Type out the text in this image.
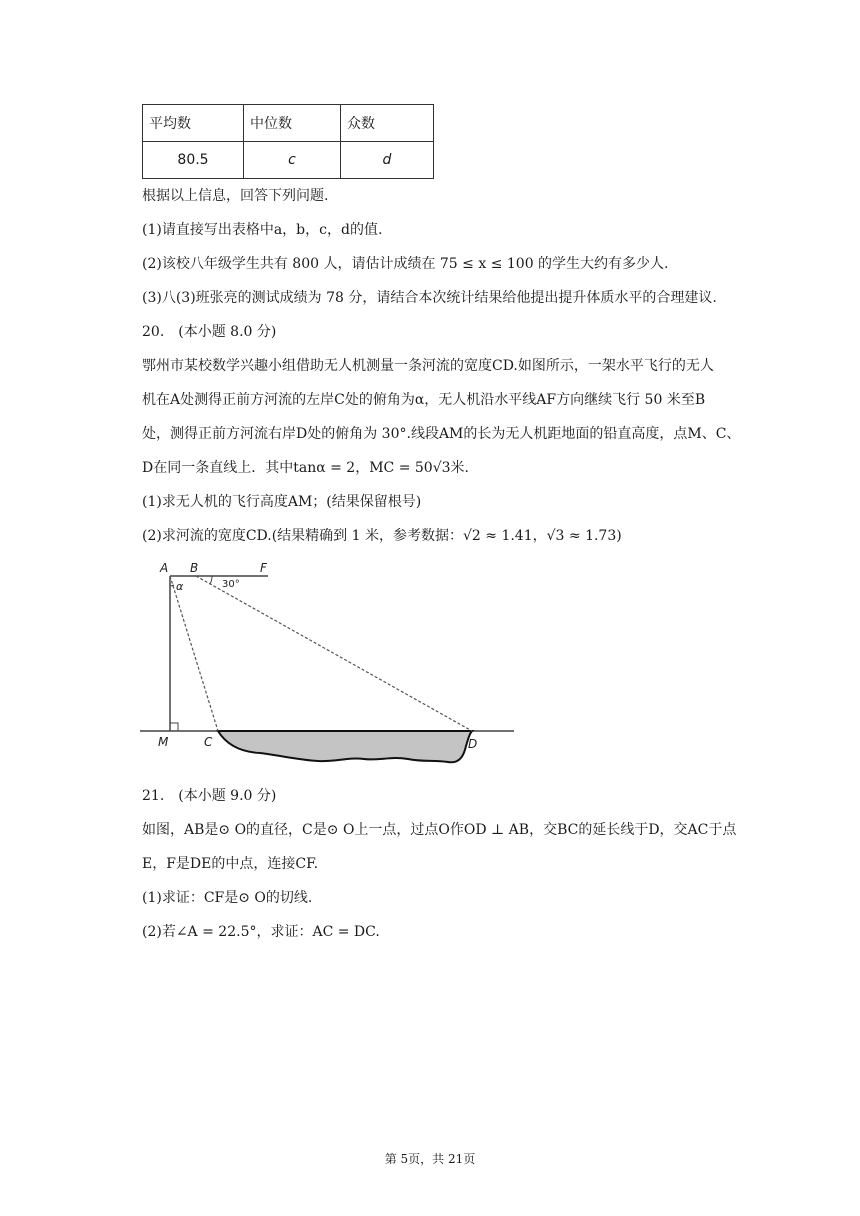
平均数	中位数	众数
80.5	c	d
根据以上信息，回答下列问题.
(1)请直接写出表格中a，b，c，d的值.
(2)该校八年级学生共有 800 人，请估计成绩在 75 ≤ x ≤ 100 的学生大约有多少人.
(3)八(3)班张亮的测试成绩为 78 分，请结合本次统计结果给他提出提升体质水平的合理建议.
20.　(本小题 8.0 分)
鄂州市某校数学兴趣小组借助无人机测量一条河流的宽度CD.如图所示，一架水平飞行的无人
机在A处测得正前方河流的左岸C处的俯角为α，无人机沿水平线AF方向继续飞行 50 米至B
处，测得正前方河流右岸D处的俯角为 30°.线段AM的长为无人机距地面的铅直高度，点M、C、
D在同一条直线上．其中tanα = 2，MC = 50√3米.
(1)求无人机的飞行高度AM；(结果保留根号)
(2)求河流的宽度CD.(结果精确到 1 米，参考数据：√2 ≈ 1.41，√3 ≈ 1.73)
A B	F
α	30°
M	C	D
21.　(本小题 9.0 分)
如图，AB是⊙ O的直径，C是⊙ O上一点，过点O作OD ⊥ AB，交BC的延长线于D，交AC于点
E，F是DE的中点，连接CF.
(1)求证：CF是⊙ O的切线.
(2)若∠A = 22.5°，求证：AC = DC.
第 5页，共 21页
